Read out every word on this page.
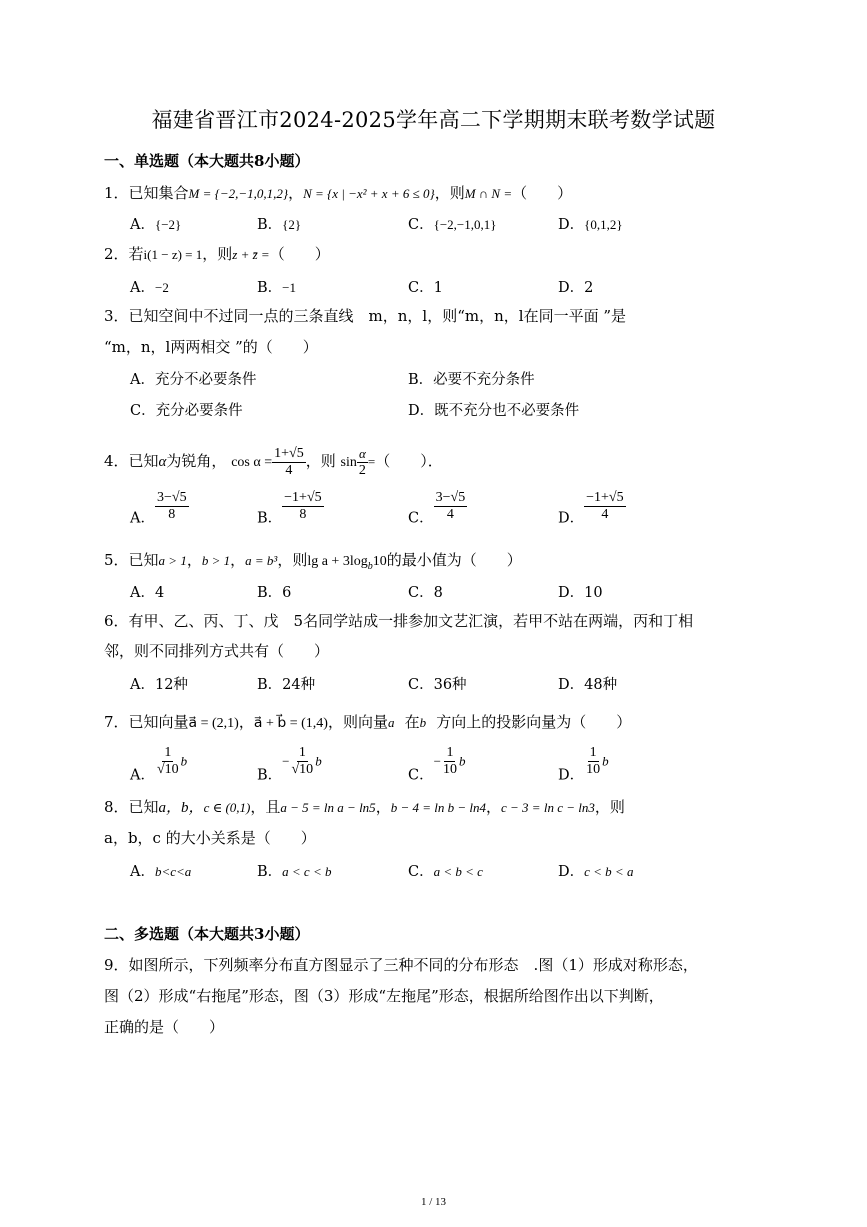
福建省晋江市2024-2025学年高二下学期期末联考数学试题
一、单选题（本大题共8小题）
1．已知集合M = {−2,−1,0,1,2}，N = {x | −x² + x + 6 ≤ 0}，则M ∩ N =（　　）
A．{−2}	B．{2}	C．{−2,−1,0,1}	D．{0,1,2}
2．若i(1 − z) = 1，则z + z̄ =（　　）
A．−2	B．−1	C．1	D．2
3．已知空间中不过同一点的三条直线　m，n，l，则“m，n，l在同一平面 ”是
“m，n，l两两相交 ”的（　　）
A．充分不必要条件	B．必要不充分条件
C．充分必要条件	D．既不充分也不必要条件
4．已知α为锐角， $\cos \alpha = \frac{1+√5}{4}$ ，则 $\sin \frac{\alpha}{2}$ =（　　）．
A． $\frac{3-√5}{8}$	B． $\frac{-1+√5}{8}$	C． $\frac{3-√5}{4}$	D． $\frac{-1+√5}{4}$
5．已知a > 1，b > 1，a = b³，则$\lg a + 3\log_b10$的最小值为（　　）
A．4	B．6	C．8	D．10
6．有甲、乙、丙、丁、戊　5名同学站成一排参加文艺汇演，若甲不站在两端，丙和丁相
邻，则不同排列方式共有（　　）
A．12种	B．24种	C．36种	D．48种
7．已知向量a⃗ = (2,1)，a⃗ + b⃗ = (1,4)，则向量a⃗在b⃗方向上的投影向量为（　　）
A． $\frac{1}{√10}$ b⃗
B．− $\frac{1}{√10}$ b⃗
C．− $\frac{1}{10}$ b⃗
D． $\frac{1}{10}$ b⃗
8．已知a，b，c ∈ (0,1)，且a − 5 = ln a − ln5，b − 4 = ln b − ln4，c − 3 = ln c − ln3，则
a，b，c 的大小关系是（　　）
A．b<c<a	B．a < c < b	C．a < b < c	D．c < b < a
二、多选题（本大题共3小题）
9．如图所示，下列频率分布直方图显示了三种不同的分布形态　.图（1）形成对称形态，
图（2）形成“右拖尾”形态，图（3）形成“左拖尾”形态，根据所给图作出以下判断，
正确的是（　　）
1 / 13
